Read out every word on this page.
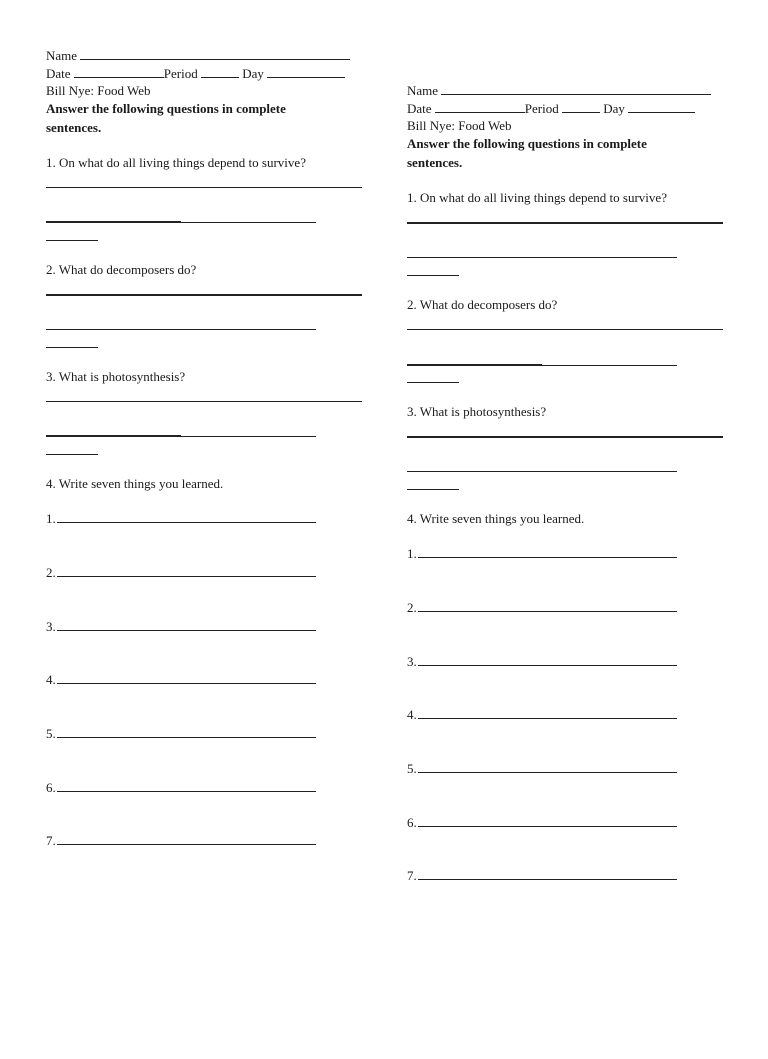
Name
Date	Period	Day
Bill Nye: Food Web
Answer the following questions in complete
sentences.
1. On what do all living things depend to survive?
2. What do decomposers do?
3. What is photosynthesis?
4. Write seven things you learned.
1.
2.
3.
4.
5.
6.
7.
Name
Date	Period	Day
Bill Nye: Food Web
Answer the following questions in complete
sentences.
1. On what do all living things depend to survive?
2. What do decomposers do?
3. What is photosynthesis?
4. Write seven things you learned.
1.
2.
3.
4.
5.
6.
7.
